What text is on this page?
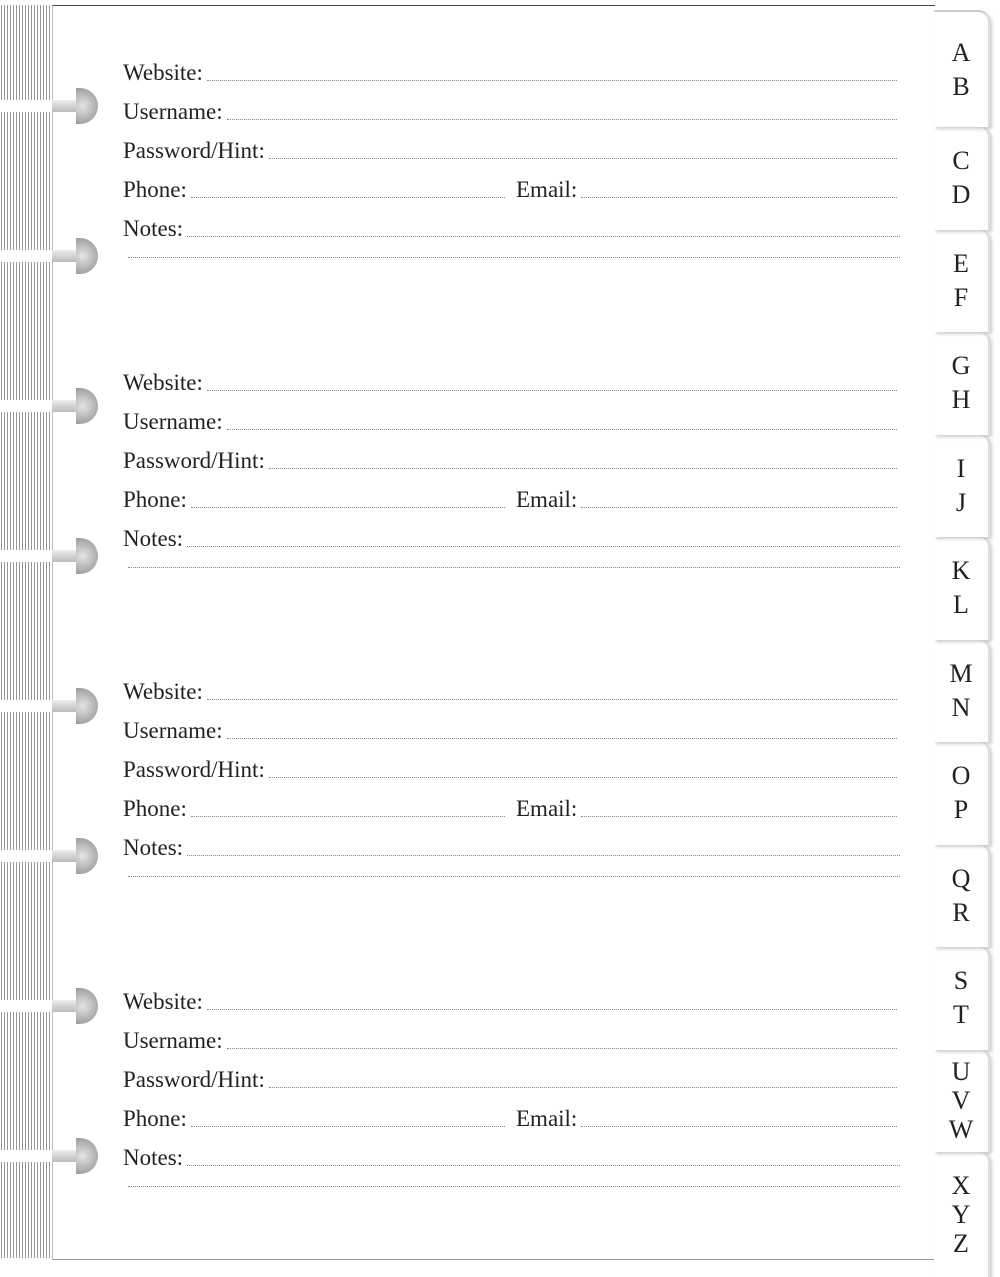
Website:
Username:
Password/Hint:
Phone:	Email:
Notes:
Website:
Username:
Password/Hint:
Phone:	Email:
Notes:
Website:
Username:
Password/Hint:
Phone:	Email:
Notes:
Website:
Username:
Password/Hint:
Phone:	Email:
Notes:
A
B
C
D
E
F
G
H
I
J
K
L
M
N
O
P
Q
R
S
T
U
V
W
X
Y
Z
